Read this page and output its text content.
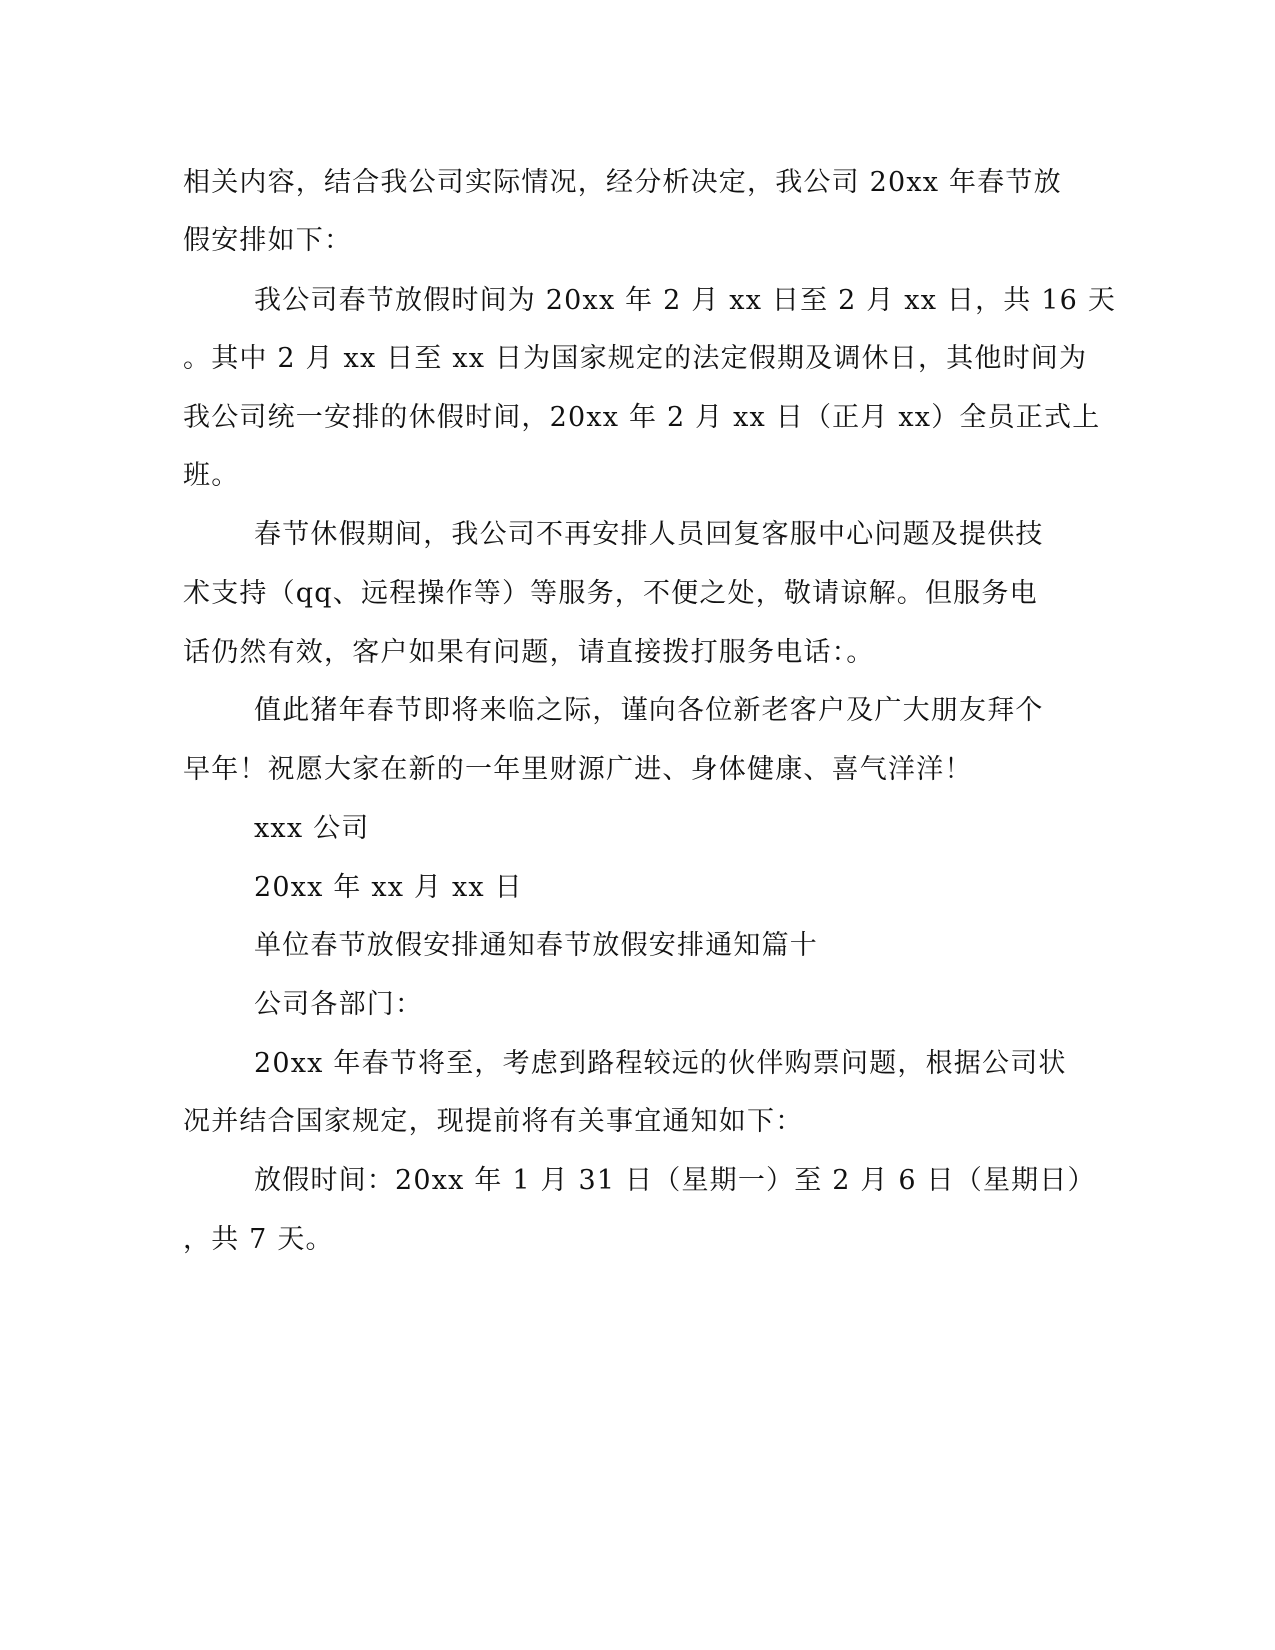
相关内容，结合我公司实际情况，经分析决定，我公司 20xx 年春节放
假安排如下：
我公司春节放假时间为 20xx 年 2 月 xx 日至 2 月 xx 日，共 16 天
。其中 2 月 xx 日至 xx 日为国家规定的法定假期及调休日，其他时间为
我公司统一安排的休假时间，20xx 年 2 月 xx 日（正月 xx）全员正式上
班。
春节休假期间，我公司不再安排人员回复客服中心问题及提供技
术支持（qq、远程操作等）等服务，不便之处，敬请谅解。但服务电
话仍然有效，客户如果有问题，请直接拨打服务电话：。
值此猪年春节即将来临之际，谨向各位新老客户及广大朋友拜个
早年！祝愿大家在新的一年里财源广进、身体健康、喜气洋洋！
xxx 公司
20xx 年 xx 月 xx 日
单位春节放假安排通知春节放假安排通知篇十
公司各部门：
20xx 年春节将至，考虑到路程较远的伙伴购票问题，根据公司状
况并结合国家规定，现提前将有关事宜通知如下：
放假时间：20xx 年 1 月 31 日（星期一）至 2 月 6 日（星期日）
，共 7 天。
